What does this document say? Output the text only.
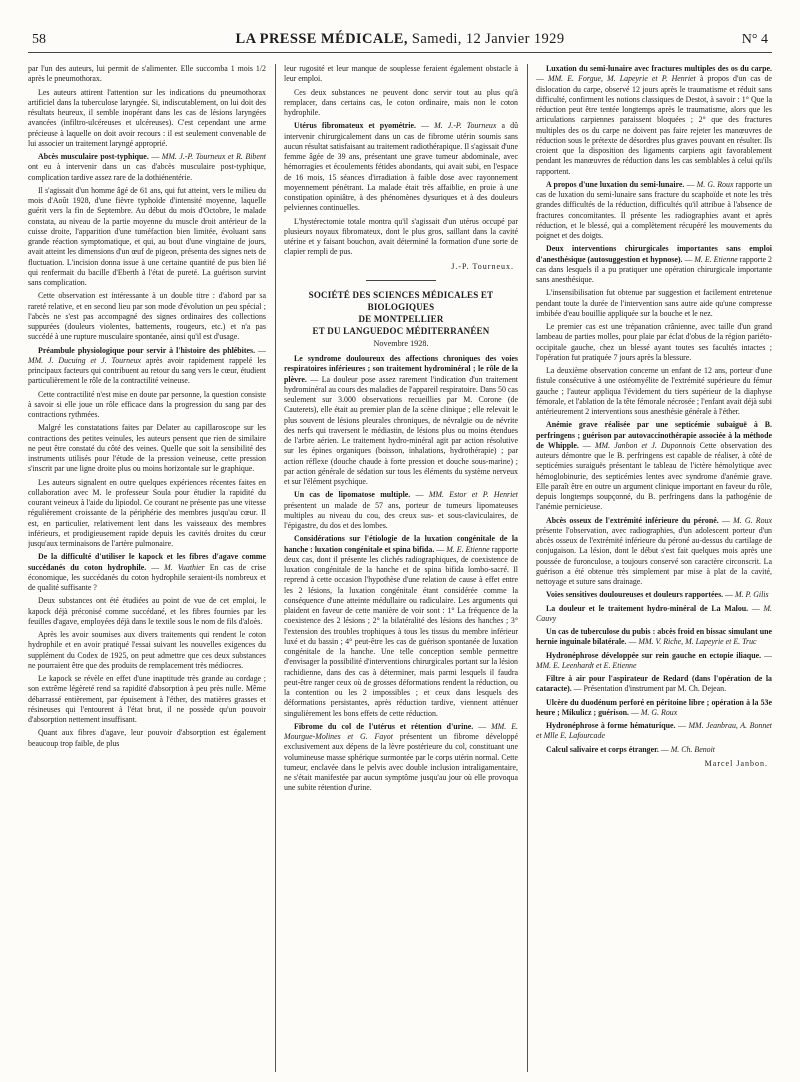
58	LA PRESSE MÉDICALE, Samedi, 12 Janvier 1929	N° 4

par l'un des auteurs, lui permit de s'alimenter. Elle succomba 1 mois 1/2 après le pneumothorax.

Les auteurs attirent l'attention sur les indications du pneumothorax artificiel dans la tuberculose laryngée. Si, indiscutablement, on lui doit des résultats heureux, il semble inopérant dans les cas de lésions laryngées avancées (infiltro-ulcéreuses et ulcéreuses). C'est cependant une arme précieuse à laquelle on doit avoir recours : il est seulement convenable de lui associer un traitement laryngé approprié.

Abcès musculaire post-typhique. — MM. J.-P. Tourneux et R. Bibent ont eu à intervenir dans un cas d'abcès musculaire post-typhique, complication tardive assez rare de la dothiénentérie.

Il s'agissait d'un homme âgé de 61 ans, qui fut atteint, vers le milieu du mois d'Août 1928, d'une fièvre typhoïde d'intensité moyenne, laquelle guérit vers la fin de Septembre. Au début du mois d'Octobre, le malade constata, au niveau de la partie moyenne du muscle droit antérieur de la cuisse droite, l'apparition d'une tuméfaction bien limitée, évoluant sans grande réaction symptomatique, et qui, au bout d'une vingtaine de jours, avait atteint les dimensions d'un œuf de pigeon, présenta des signes nets de fluctuation. L'incision donna issue à une certaine quantité de pus bien lié qui renfermait du bacille d'Eberth à l'état de pureté. La guérison survint sans complication.

Cette observation est intéressante à un double titre : d'abord par sa rareté relative, et en second lieu par son mode d'évolution un peu spécial ; l'abcès ne s'est pas accompagné des signes ordinaires des collections suppurées (douleurs violentes, battements, rougeurs, etc.) et n'a pas succédé à une rupture musculaire spontanée, ainsi qu'il est d'usage.

Préambule physiologique pour servir à l'histoire des phlébites. — MM. J. Ducuing et J. Tourneux après avoir rapidement rappelé les principaux facteurs qui contribuent au retour du sang vers le cœur, étudient particulièrement le rôle de la contractilité veineuse.

Cette contractilité n'est mise en doute par personne, la question consiste à savoir si elle joue un rôle efficace dans la progression du sang par des contractions rythmées.

Malgré les constatations faites par Delater au capillaroscope sur les contractions des petites veinules, les auteurs pensent que rien de similaire ne peut être constaté du côté des veines. Quelle que soit la sensibilité des instruments utilisés pour l'étude de la pression veineuse, cette pression s'inscrit par une ligne droite plus ou moins horizontale sur le graphique.

Les auteurs signalent en outre quelques expériences récentes faites en collaboration avec M. le professeur Soula pour étudier la rapidité du courant veineux à l'aide du lipiodol. Ce courant ne présente pas une vitesse régulièrement croissante de la périphérie des membres jusqu'au cœur. Il est, en particulier, relativement lent dans les vaisseaux des membres inférieurs, et prodigieusement rapide depuis les cavités droites du cœur jusqu'aux terminaisons de l'artère pulmonaire.

De la difficulté d'utiliser le kapock et les fibres d'agave comme succédanés du coton hydrophile. — M. Vuathier En cas de crise économique, les succédanés du coton hydrophile seraient-ils nombreux et de qualité suffisante ?

Deux substances ont été étudiées au point de vue de cet emploi, le kapock déjà préconisé comme succédané, et les fibres fournies par les feuilles d'agave, employées déjà dans le textile sous le nom de fils d'aloès.

Après les avoir soumises aux divers traitements qui rendent le coton hydrophile et en avoir pratiqué l'essai suivant les nouvelles exigences du supplément du Codex de 1925, on peut admettre que ces deux substances ne pourraient être que des produits de remplacement très médiocres.

Le kapock se révèle en effet d'une inaptitude très grande au cordage ; son extrême légèreté rend sa rapidité d'absorption à peu près nulle. Même débarrassé entièrement, par épuisement à l'éther, des matières grasses et résineuses qui l'entourent à l'état brut, il ne possède qu'un pouvoir d'absorption nettement insuffisant.

Quant aux fibres d'agave, leur pouvoir d'absorption est également beaucoup trop faible, de plus

leur rugosité et leur manque de souplesse feraient également obstacle à leur emploi.

Ces deux substances ne peuvent donc servir tout au plus qu'à remplacer, dans certains cas, le coton ordinaire, mais non le coton hydrophile.

Utérus fibromateux et pyométrie. — M. J.-P. Tourneux a dû intervenir chirurgicalement dans un cas de fibrome utérin soumis sans aucun résultat satisfaisant au traitement radiothérapique. Il s'agissait d'une femme âgée de 39 ans, présentant une grave tumeur abdominale, avec hémorragies et écoulements fétides abondants, qui avait subi, en l'espace de 16 mois, 15 séances d'irradiation à faible dose avec rayonnement moyennement pénétrant. La malade était très affaiblie, en proie à une constipation opiniâtre, à des phénomènes dysuriques et à des douleurs pelviennes continuelles.

L'hystérectomie totale montra qu'il s'agissait d'un utérus occupé par plusieurs noyaux fibromateux, dont le plus gros, saillant dans la cavité utérine et y faisant bouchon, avait déterminé la formation d'une sorte de clapier rempli de pus.

J.-P. Tourneux.
SOCIÉTÉ DES SCIENCES MÉDICALES ET BIOLOGIQUES
DE MONTPELLIER
ET DU LANGUEDOC MÉDITERRANÉEN
Novembre 1928.

Le syndrome douloureux des affections chroniques des voies respiratoires inférieures ; son traitement hydrominéral ; le rôle de la plèvre. — La douleur pose assez rarement l'indication d'un traitement hydrominéral au cours des maladies de l'appareil respiratoire. Dans 50 cas seulement sur 3.000 observations recueillies par M. Corone (de Cauterets), elle était au premier plan de la scène clinique ; elle relevait le plus souvent de lésions pleurales chroniques, de névralgie ou de névrite des nerfs qui traversent le médiastin, de lésions plus ou moins étendues de l'arbre aérien. Le traitement hydro-minéral agit par action résolutive sur les épines organiques (boisson, inhalations, hydrothérapie) ; par action réflexe (douche chaude à forte pression et douche sous-marine) ; par action générale de sédation sur tous les éléments du système nerveux et sur l'élément psychique.

Un cas de lipomatose multiple. — MM. Estor et P. Henriet présentent un malade de 57 ans, porteur de tumeurs lipomateuses multiples au niveau du cou, des creux sus- et sous-claviculaires, de l'épigastre, du dos et des lombes.

Considérations sur l'étiologie de la luxation congénitale de la hanche : luxation congénitale et spina bifida. — M. E. Etienne rapporte deux cas, dont il présente les clichés radiographiques, de coexistence de luxation congénitale de la hanche et de spina bifida lombo-sacré. Il reprend à cette occasion l'hypothèse d'une relation de cause à effet entre les 2 lésions, la luxation congénitale étant considérée comme la conséquence d'une atteinte médullaire ou radiculaire. Les arguments qui plaident en faveur de cette manière de voir sont : 1° La fréquence de la coexistence des 2 lésions ; 2° la bilatéralité des lésions des hanches ; 3° l'extension des troubles trophiques à tous les tissus du membre inférieur luxé et du bassin ; 4° peut-être les cas de guérison spontanée de luxation congénitale de la hanche. Une telle conception semble permettre d'envisager la possibilité d'interventions chirurgicales portant sur la lésion rachidienne, dans des cas à déterminer, mais parmi lesquels il faudra peut-être ranger ceux où de grosses déformations rendent la réduction, ou la contention ou les 2 impossibles ; et ceux dans lesquels des déformations persistantes, après réduction tardive, viennent atténuer singulièrement les bons effets de cette réduction.

Fibrome du col de l'utérus et rétention d'urine. — MM. E. Mourgue-Molines et G. Fayot présentent un fibrome développé exclusivement aux dépens de la lèvre postérieure du col, constituant une volumineuse masse sphérique surmontée par le corps utérin normal. Cette tumeur, enclavée dans le pelvis avec double inclusion intraligamentaire, ne s'était manifestée par aucun symptôme jusqu'au jour où elle provoqua une subite rétention d'urine.

Luxation du semi-lunaire avec fractures multiples des os du carpe. — MM. E. Forgue, M. Lapeyrie et P. Henriet à propos d'un cas de dislocation du carpe, observé 12 jours après le traumatisme et réduit sans difficulté, confirment les notions classiques de Destot, à savoir : 1° Que la réduction peut être tentée longtemps après le traumatisme, alors que les articulations carpiennes paraissent bloquées ; 2° que des fractures multiples des os du carpe ne doivent pas faire rejeter les manœuvres de réduction sous le prétexte de désordres plus graves pouvant en résulter. Ils croient que la disposition des ligaments carpiens agit favorablement pendant les manœuvres de réduction dans les cas semblables à celui qu'ils rapportent.

A propos d'une luxation du semi-lunaire. — M. G. Roux rapporte un cas de luxation du semi-lunaire sans fracture du scaphoïde et note les très grandes difficultés de la réduction, difficultés qu'il attribue à l'absence de fractures concomitantes. Il présente les radiographies avant et après réduction, et le blessé, qui a complètement récupéré les mouvements du poignet et des doigts.

Deux interventions chirurgicales importantes sans emploi d'anesthésique (autosuggestion et hypnose). — M. E. Etienne rapporte 2 cas dans lesquels il a pu pratiquer une opération chirurgicale importante sans anesthésique.

L'insensibilisation fut obtenue par suggestion et facilement entretenue pendant toute la durée de l'intervention sans autre aide qu'une compresse imbibée d'eau bouillie appliquée sur la bouche et le nez.

Le premier cas est une trépanation crânienne, avec taille d'un grand lambeau de parties molles, pour plaie par éclat d'obus de la région pariéto-occipitale gauche, chez un blessé ayant toutes ses facultés intactes ; l'opération fut pratiquée 7 jours après la blessure.

La deuxième observation concerne un enfant de 12 ans, porteur d'une fistule consécutive à une ostéomyélite de l'extrémité supérieure du fémur gauche ; l'auteur appliqua l'évidement du tiers supérieur de la diaphyse fémorale, et l'ablation de la tête fémorale nécrosée ; l'enfant avait déjà subi antérieurement 2 interventions sous anesthésie générale à l'éther.

Anémie grave réalisée par une septicémie subaiguë à B. perfringens ; guérison par autovaccinothérapie associée à la méthode de Whipple. — MM. Janbon et J. Duponnois Cette observation des auteurs démontre que le B. perfringens est capable de réaliser, à côté de septicémies suraiguës présentant le tableau de l'ictère hémolytique avec hémoglobinurie, des septicémies lentes avec syndrome d'anémie grave. Elle paraît être en outre un argument clinique important en faveur du rôle, depuis longtemps soupçonné, du B. perfringens dans la pathogénie de l'anémie pernicieuse.

Abcès osseux de l'extrémité inférieure du péroné. — M. G. Roux présente l'observation, avec radiographies, d'un adolescent porteur d'un abcès osseux de l'extrémité inférieure du péroné au-dessus du cartilage de conjugaison. La lésion, dont le début s'est fait quelques mois après une poussée de furonculose, a toujours conservé son caractère circonscrit. La guérison a été obtenue très simplement par mise à plat de la cavité, nettoyage et suture sans drainage.

Voies sensitives douloureuses et douleurs rapportées. — M. P. Gilis

La douleur et le traitement hydro-minéral de La Malou. — M. Cauvy

Un cas de tuberculose du pubis : abcès froid en bissac simulant une hernie inguinale bilatérale. — MM. V. Riche, M. Lapeyrie et E. Truc

Hydronéphrose développée sur rein gauche en ectopie iliaque. — MM. E. Leenhardt et E. Etienne

Filtre à air pour l'aspirateur de Redard (dans l'opération de la cataracte). — Présentation d'instrument par M. Ch. Dejean.

Ulcère du duodénum perforé en péritoine libre ; opération à la 53e heure ; Mikulicz ; guérison. — M. G. Roux

Hydronéphrose à forme hématurique. — MM. Jeanbrau, A. Bonnet et Mlle E. Lafourcade

Calcul salivaire et corps étranger. — M. Ch. Benoit

Marcel Janbon.
